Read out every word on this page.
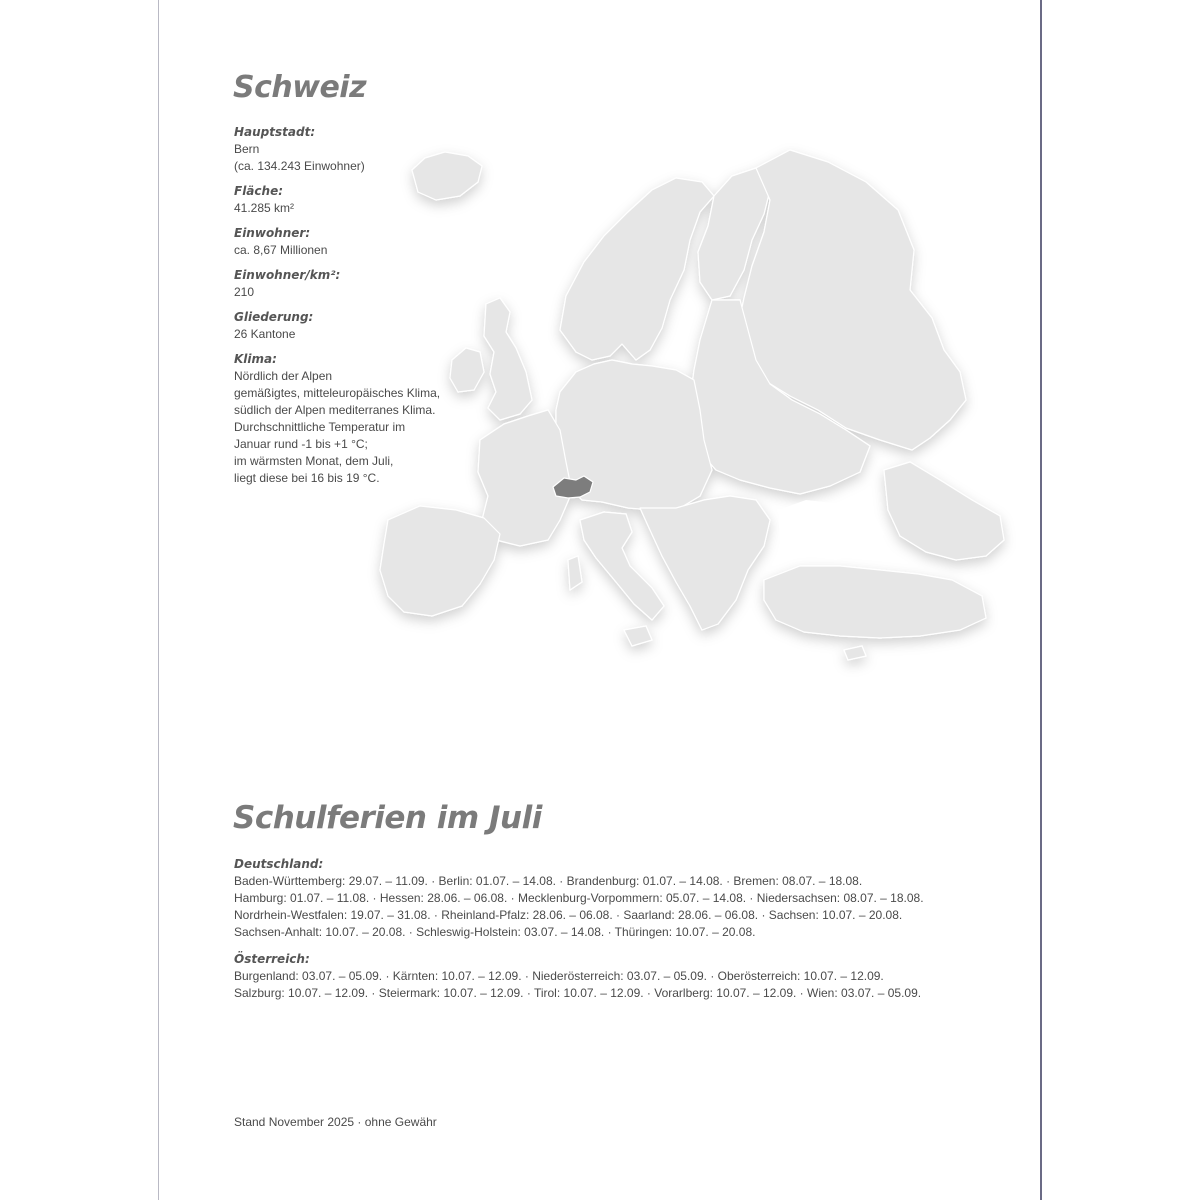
Schweiz
Hauptstadt:
Bern
(ca. 134.243 Einwohner)
Fläche:
41.285 km²
Einwohner:
ca. 8,67 Millionen
Einwohner/km²:
210
Gliederung:
26 Kantone
Klima:
Nördlich der Alpen
gemäßigtes, mitteleuropäisches Klima,
südlich der Alpen mediterranes Klima.
Durchschnittliche Temperatur im
Januar rund -1 bis +1 °C;
im wärmsten Monat, dem Juli,
liegt diese bei 16 bis 19 °C.
Schulferien im Juli
Deutschland:
Baden-Württemberg: 29.07. – 11.09. · Berlin: 01.07. – 14.08. · Brandenburg: 01.07. – 14.08. · Bremen: 08.07. – 18.08.
Hamburg: 01.07. – 11.08. · Hessen: 28.06. – 06.08. · Mecklenburg-Vorpommern: 05.07. – 14.08. · Niedersachsen: 08.07. – 18.08.
Nordrhein-Westfalen: 19.07. – 31.08. · Rheinland-Pfalz: 28.06. – 06.08. · Saarland: 28.06. – 06.08. · Sachsen: 10.07. – 20.08.
Sachsen-Anhalt: 10.07. – 20.08. · Schleswig-Holstein: 03.07. – 14.08. · Thüringen: 10.07. – 20.08.
Österreich:
Burgenland: 03.07. – 05.09. · Kärnten: 10.07. – 12.09. · Niederösterreich: 03.07. – 05.09. · Oberösterreich: 10.07. – 12.09.
Salzburg: 10.07. – 12.09. · Steiermark: 10.07. – 12.09. · Tirol: 10.07. – 12.09. · Vorarlberg: 10.07. – 12.09. · Wien: 03.07. – 05.09.
Stand November 2025 · ohne Gewähr
